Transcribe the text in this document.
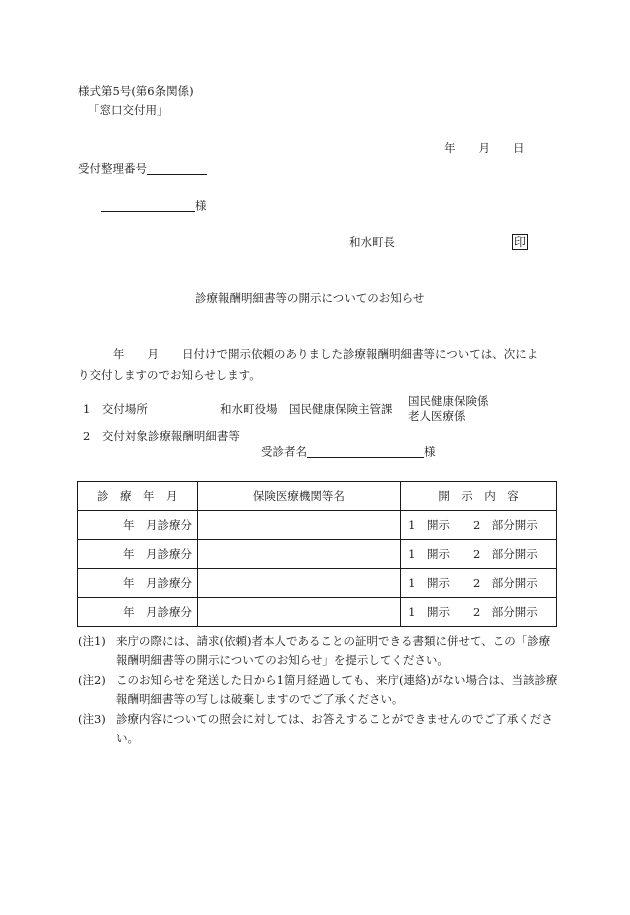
様式第5号(第6条関係)
「窓口交付用」
年　　月　　日
受付整理番号
様
和水町長	印
診療報酬明細書等の開示についてのお知らせ
年　　月　　日付けで開示依頼のありました診療報酬明細書等については、次によ
り交付しますのでお知らせします。
1　交付場所	和水町役場　国民健康保険主管課
国民健康保険係
老人医療係
2　交付対象診療報酬明細書等
受診者名	様
診　療　年　月	保険医療機関等名	開　示　内　容
年　月診療分		1　開示　　2　部分開示
年　月診療分		1　開示　　2　部分開示
年　月診療分		1　開示　　2　部分開示
年　月診療分		1　開示　　2　部分開示
(注1) 来庁の際には、請求(依頼)者本人であることの証明できる書類に併せて、この「診療報酬明細書等の開示についてのお知らせ」を提示してください。
(注2) このお知らせを発送した日から1箇月経過しても、来庁(連絡)がない場合は、当該診療報酬明細書等の写しは破棄しますのでご了承ください。
(注3) 診療内容についての照会に対しては、お答えすることができませんのでご了承ください。
